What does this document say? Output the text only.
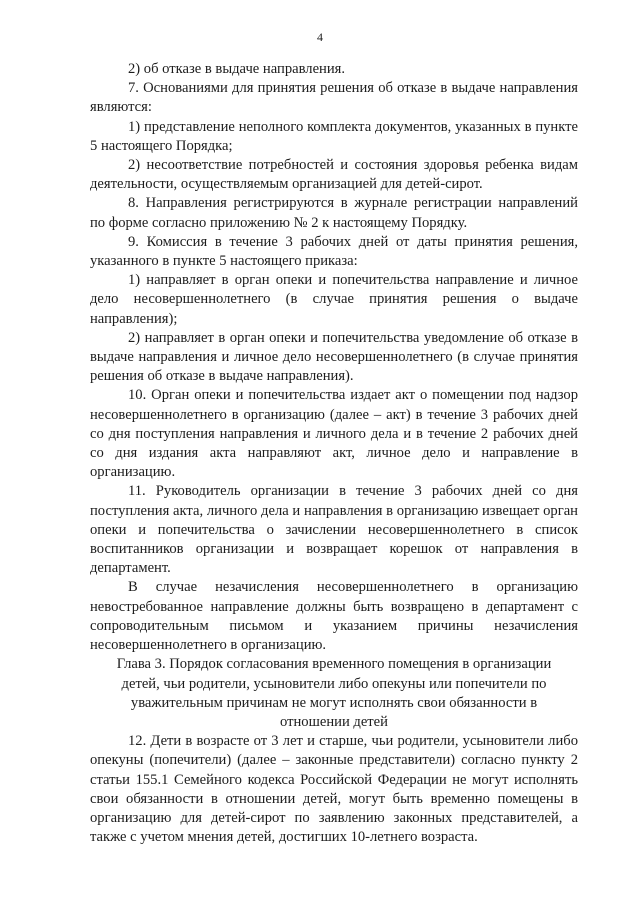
4

2) об отказе в выдаче направления.

7. Основаниями для принятия решения об отказе в выдаче направления являются:

1) представление неполного комплекта документов, указанных в пункте 5 настоящего Порядка;

2) несоответствие потребностей и состояния здоровья ребенка видам деятельности, осуществляемым организацией для детей-сирот.

8. Направления регистрируются в журнале регистрации направлений по форме согласно приложению № 2 к настоящему Порядку.

9. Комиссия в течение 3 рабочих дней от даты принятия решения, указанного в пункте 5 настоящего приказа:

1) направляет в орган опеки и попечительства направление и личное дело несовершеннолетнего (в случае принятия решения о выдаче направления);

2) направляет в орган опеки и попечительства уведомление об отказе в выдаче направления и личное дело несовершеннолетнего (в случае принятия решения об отказе в выдаче направления).

10. Орган опеки и попечительства издает акт о помещении под надзор несовершеннолетнего в организацию (далее – акт) в течение 3 рабочих дней со дня поступления направления и личного дела и в течение 2 рабочих дней со дня издания акта направляют акт, личное дело и направление в организацию.

11. Руководитель организации в течение 3 рабочих дней со дня поступления акта, личного дела и направления в организацию извещает орган опеки и попечительства о зачислении несовершеннолетнего в список воспитанников организации и возвращает корешок от направления в департамент.

В случае незачисления несовершеннолетнего в организацию невостребованное направление должны быть возвращено в департамент с сопроводительным письмом и указанием причины незачисления несовершеннолетнего в организацию.

Глава 3. Порядок согласования временного помещения в организации детей, чьи родители, усыновители либо опекуны или попечители по уважительным причинам не могут исполнять свои обязанности в отношении детей

12. Дети в возрасте от 3 лет и старше, чьи родители, усыновители либо опекуны (попечители) (далее – законные представители) согласно пункту 2 статьи 155.1 Семейного кодекса Российской Федерации не могут исполнять свои обязанности в отношении детей, могут быть временно помещены в организацию для детей-сирот по заявлению законных представителей, а также с учетом мнения детей, достигших 10-летнего возраста.
